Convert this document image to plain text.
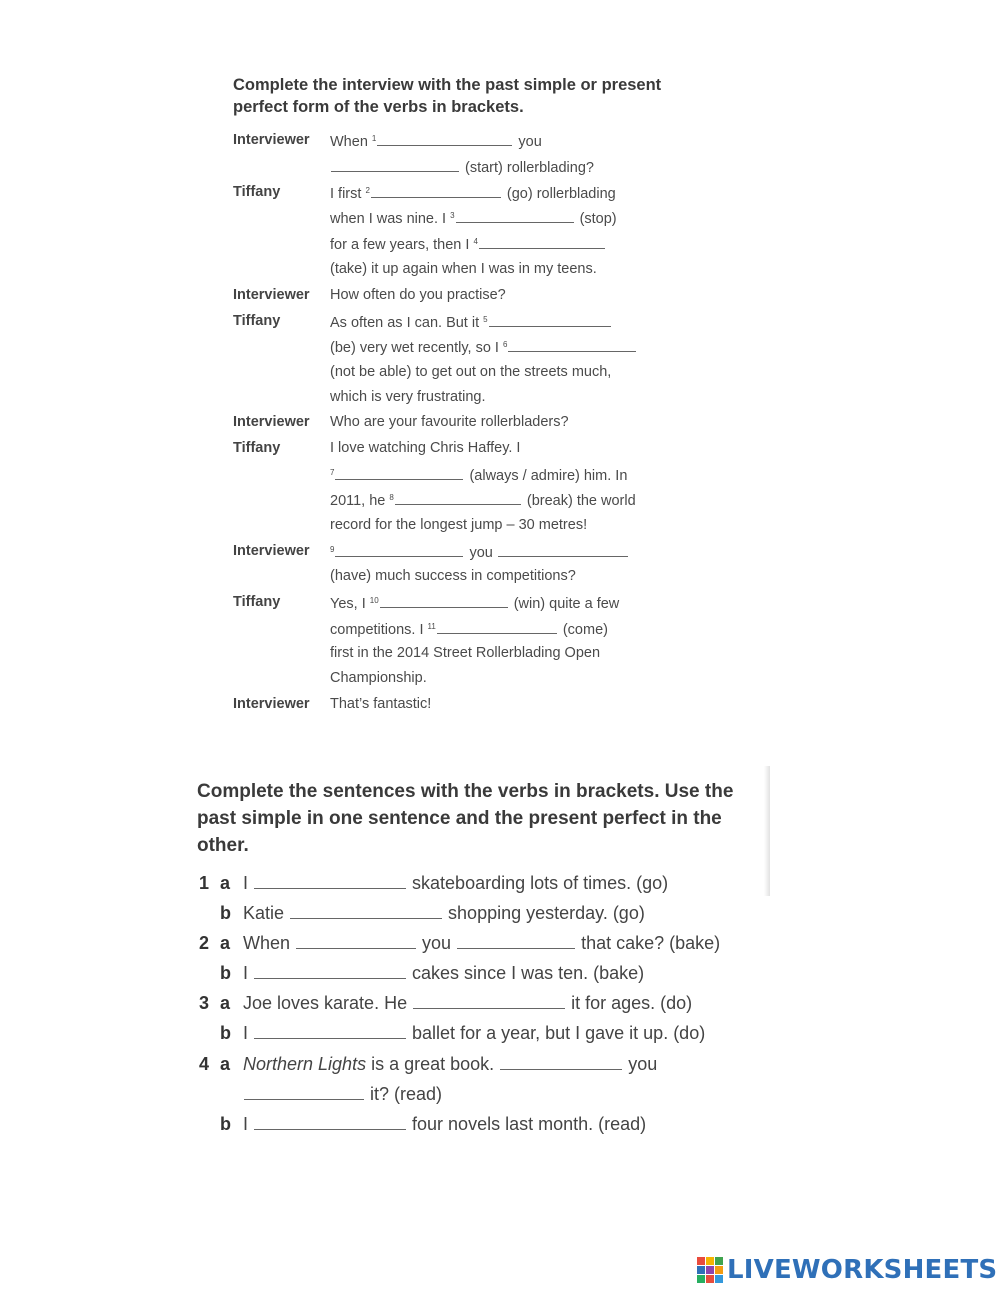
Complete the interview with the past simple or present perfect form of the verbs in brackets.
Interviewer When $^1$	you
(start) rollerblading?
Tiffany	I first $^2$	(go) rollerblading
when I was nine. I $^3$	(stop)
for a few years, then I $^4$
(take) it up again when I was in my teens.
Interviewer How often do you practise?
Tiffany	As often as I can. But it $^5$
(be) very wet recently, so I $^6$
(not be able) to get out on the streets much,
which is very frustrating.
Interviewer Who are your favourite rollerbladers?
Tiffany	I love watching Chris Haffey. I
$^7$	(always / admire) him. In
2011, he $^8$	(break) the world
record for the longest jump – 30 metres!
Interviewer	$^9$	you
(have) much success in competitions?
Tiffany	Yes, I $^{10}$	(win) quite a few
competitions. I $^{11}$	(come)
first in the 2014 Street Rollerblading Open
Championship.
Interviewer That’s fantastic!
Complete the sentences with the verbs in brackets. Use the past simple in one sentence and the present perfect in the other.
1 a I	skateboarding lots of times. (go)
b Katie	shopping yesterday. (go)
2 a When	you	that cake? (bake)
b I	cakes since I was ten. (bake)
3 a Joe loves karate. He	it for ages. (do)
b I	ballet for a year, but I gave it up. (do)
4 a Northern Lights is a great book.	you
it? (read)
b I	four novels last month. (read)
LIVEWORKSHEETS
